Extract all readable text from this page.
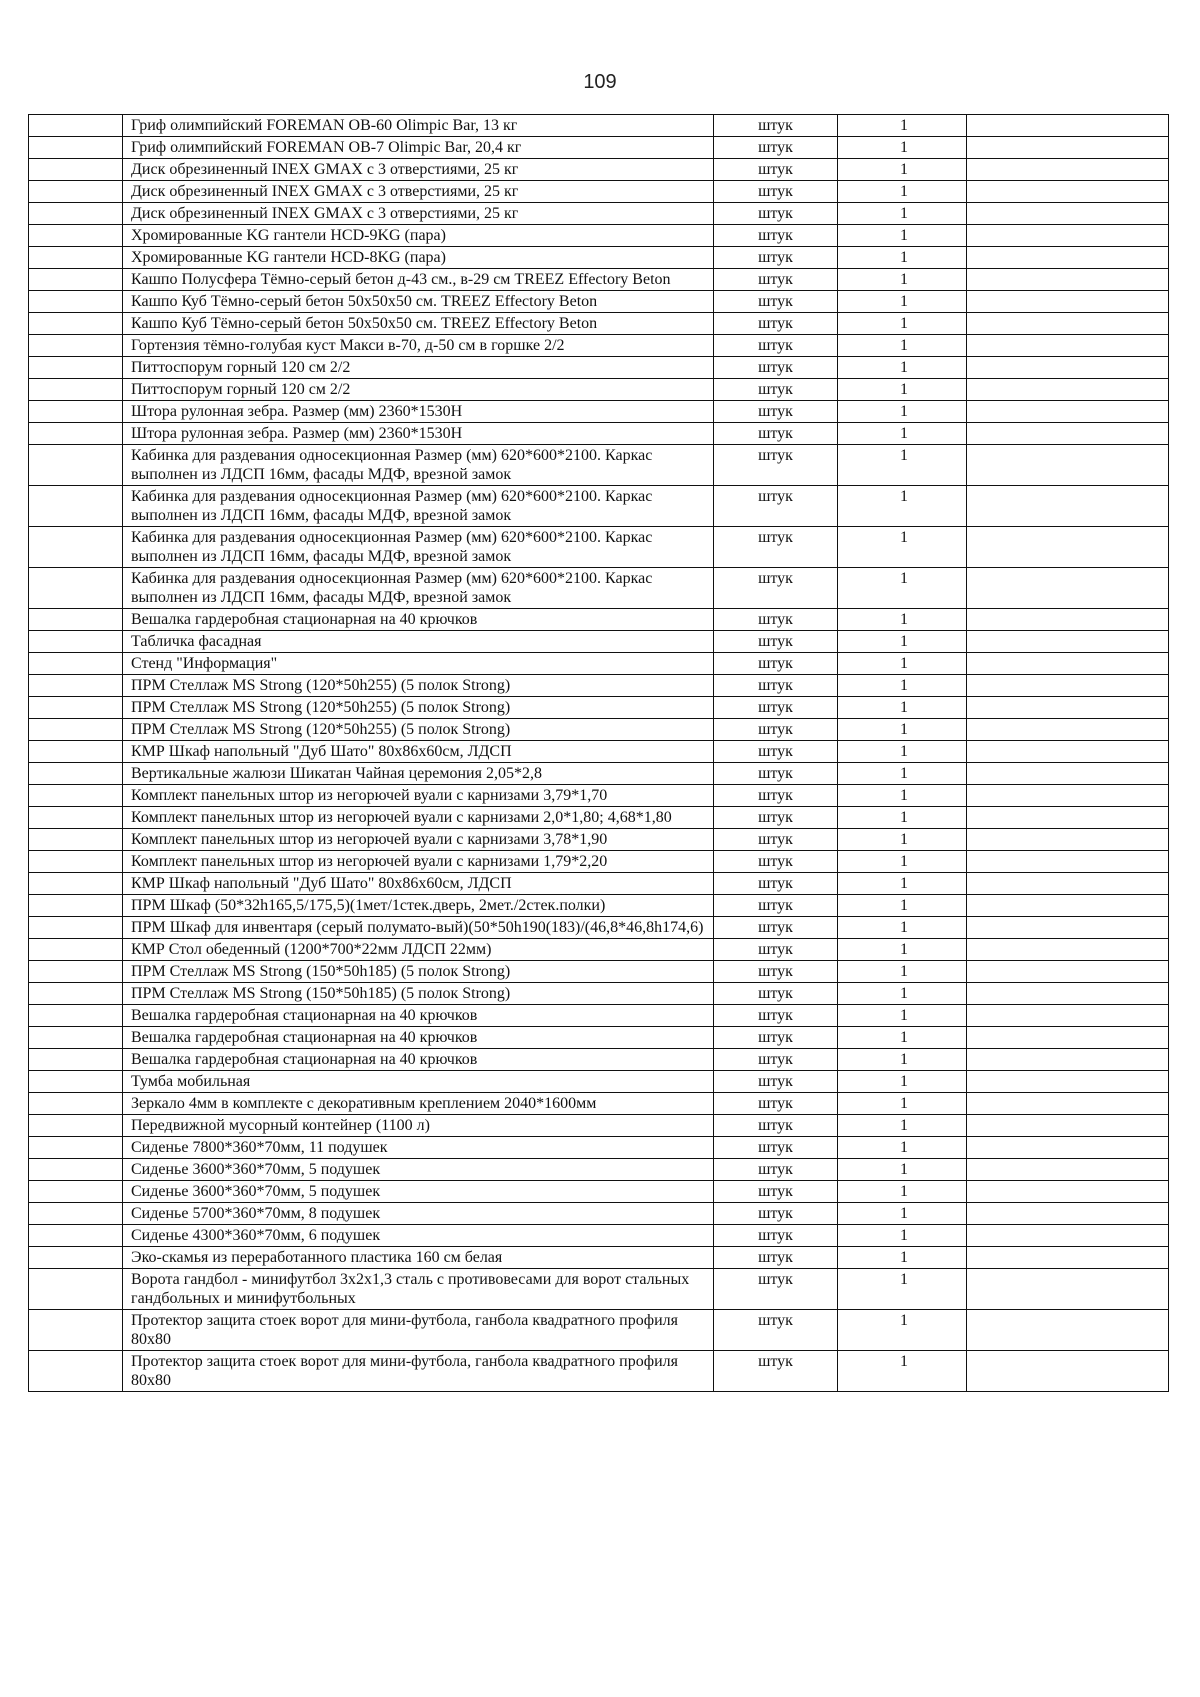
109
	Гриф олимпийский FOREMAN OB-60 Olimpic Bar, 13 кг	штук	1	
	Гриф олимпийский FOREMAN OB-7 Olimpic Bar, 20,4 кг	штук	1	
	Диск обрезиненный INEX GMAX с 3 отверстиями, 25 кг	штук	1	
	Диск обрезиненный INEX GMAX с 3 отверстиями, 25 кг	штук	1	
	Диск обрезиненный INEX GMAX с 3 отверстиями, 25 кг	штук	1	
	Хромированные KG гантели HCD-9KG (пара)	штук	1	
	Хромированные KG гантели HCD-8KG (пара)	штук	1	
	Кашпо Полусфера Тёмно-серый бетон д-43 см., в-29 см TREEZ Effectory Beton	штук	1	
	Кашпо Куб Тёмно-серый бетон 50х50х50 см. TREEZ Effectory Beton	штук	1	
	Кашпо Куб Тёмно-серый бетон 50х50х50 см. TREEZ Effectory Beton	штук	1	
	Гортензия тёмно-голубая куст Макси в-70, д-50 см в горшке 2/2	штук	1	
	Питтоспорум горный 120 см 2/2	штук	1	
	Питтоспорум горный 120 см 2/2	штук	1	
	Штора рулонная зебра. Размер (мм) 2360*1530Н	штук	1	
	Штора рулонная зебра. Размер (мм) 2360*1530Н	штук	1	
	Кабинка для раздевания односекционная Размер (мм) 620*600*2100. Каркас выполнен из ЛДСП 16мм, фасады МДФ, врезной замок	штук	1	
	Кабинка для раздевания односекционная Размер (мм) 620*600*2100. Каркас выполнен из ЛДСП 16мм, фасады МДФ, врезной замок	штук	1	
	Кабинка для раздевания односекционная Размер (мм) 620*600*2100. Каркас выполнен из ЛДСП 16мм, фасады МДФ, врезной замок	штук	1	
	Кабинка для раздевания односекционная Размер (мм) 620*600*2100. Каркас выполнен из ЛДСП 16мм, фасады МДФ, врезной замок	штук	1	
	Вешалка гардеробная стационарная на 40 крючков	штук	1	
	Табличка фасадная	штук	1	
	Стенд "Информация"	штук	1	
	ПРМ Стеллаж MS Strong (120*50h255) (5 полок Strong)	штук	1	
	ПРМ Стеллаж MS Strong (120*50h255) (5 полок Strong)	штук	1	
	ПРМ Стеллаж MS Strong (120*50h255) (5 полок Strong)	штук	1	
	КМР Шкаф напольный "Дуб Шато" 80х86х60см, ЛДСП	штук	1	
	Вертикальные жалюзи Шикатан Чайная церемония 2,05*2,8	штук	1	
	Комплект панельных штор из негорючей вуали с карнизами 3,79*1,70	штук	1	
	Комплект панельных штор из негорючей вуали с карнизами 2,0*1,80; 4,68*1,80	штук	1	
	Комплект панельных штор из негорючей вуали с карнизами 3,78*1,90	штук	1	
	Комплект панельных штор из негорючей вуали с карнизами 1,79*2,20	штук	1	
	КМР Шкаф напольный "Дуб Шато" 80х86х60см, ЛДСП	штук	1	
	ПРМ Шкаф (50*32h165,5/175,5)(1мет/1стек.дверь, 2мет./2стек.полки)	штук	1	
	ПРМ Шкаф для инвентаря (серый полумато-вый)(50*50h190(183)/(46,8*46,8h174,6)	штук	1	
	КМР Стол обеденный (1200*700*22мм ЛДСП 22мм)	штук	1	
	ПРМ Стеллаж MS Strong (150*50h185) (5 полок Strong)	штук	1	
	ПРМ Стеллаж MS Strong (150*50h185) (5 полок Strong)	штук	1	
	Вешалка гардеробная стационарная на 40 крючков	штук	1	
	Вешалка гардеробная стационарная на 40 крючков	штук	1	
	Вешалка гардеробная стационарная на 40 крючков	штук	1	
	Тумба мобильная	штук	1	
	Зеркало 4мм в комплекте с декоративным креплением 2040*1600мм	штук	1	
	Передвижной мусорный контейнер (1100 л)	штук	1	
	Сиденье 7800*360*70мм, 11 подушек	штук	1	
	Сиденье 3600*360*70мм, 5 подушек	штук	1	
	Сиденье 3600*360*70мм, 5 подушек	штук	1	
	Сиденье 5700*360*70мм, 8 подушек	штук	1	
	Сиденье 4300*360*70мм, 6 подушек	штук	1	
	Эко-скамья из переработанного пластика 160 см белая	штук	1	
	Ворота гандбол - минифутбол 3х2х1,3 сталь с противовесами для ворот стальных гандбольных и минифутбольных	штук	1	
	Протектор защита стоек ворот для мини-футбола, ганбола квадратного профиля 80х80	штук	1	
	Протектор защита стоек ворот для мини-футбола, ганбола квадратного профиля 80х80	штук	1	
